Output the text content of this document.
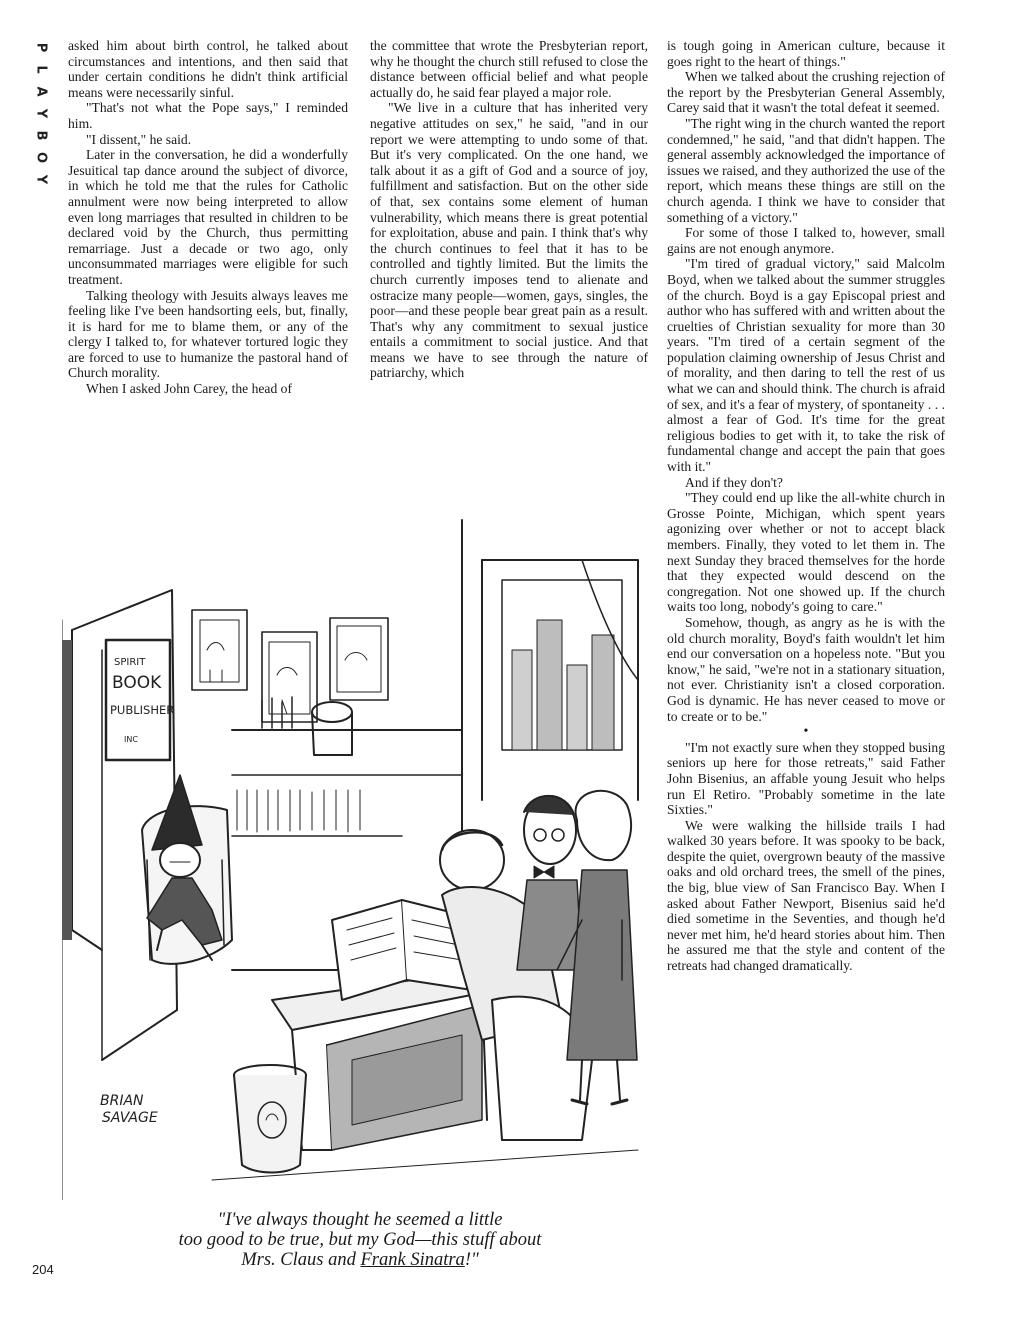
P
L
A
Y
B
O
Y

asked him about birth control, he talked about circumstances and intentions, and then said that under certain conditions he didn't think artificial means were necessarily sinful.

"That's not what the Pope says," I reminded him.

"I dissent," he said.

Later in the conversation, he did a wonderfully Jesuitical tap dance around the subject of divorce, in which he told me that the rules for Catholic annulment were now being interpreted to allow even long marriages that resulted in children to be declared void by the Church, thus permitting remarriage. Just a decade or two ago, only unconsummated marriages were eligible for such treatment.

Talking theology with Jesuits always leaves me feeling like I've been handsorting eels, but, finally, it is hard for me to blame them, or any of the clergy I talked to, for whatever tortured logic they are forced to use to humanize the pastoral hand of Church morality.

When I asked John Carey, the head of

the committee that wrote the Presbyterian report, why he thought the church still refused to close the distance between official belief and what people actually do, he said fear played a major role.

"We live in a culture that has inherited very negative attitudes on sex," he said, "and in our report we were attempting to undo some of that. But it's very complicated. On the one hand, we talk about it as a gift of God and a source of joy, fulfillment and satisfaction. But on the other side of that, sex contains some element of human vulnerability, which means there is great potential for exploitation, abuse and pain. I think that's why the church continues to feel that it has to be controlled and tightly limited. But the limits the church currently imposes tend to alienate and ostracize many people—women, gays, singles, the poor—and these people bear great pain as a result. That's why any commitment to sexual justice entails a commitment to social justice. And that means we have to see through the nature of patriarchy, which

is tough going in American culture, because it goes right to the heart of things."

When we talked about the crushing rejection of the report by the Presbyterian General Assembly, Carey said that it wasn't the total defeat it seemed.

"The right wing in the church wanted the report condemned," he said, "and that didn't happen. The general assembly acknowledged the importance of issues we raised, and they authorized the use of the report, which means these things are still on the church agenda. I think we have to consider that something of a victory."

For some of those I talked to, however, small gains are not enough anymore.

"I'm tired of gradual victory," said Malcolm Boyd, when we talked about the summer struggles of the church. Boyd is a gay Episcopal priest and author who has suffered with and written about the cruelties of Christian sexuality for more than 30 years. "I'm tired of a certain segment of the population claiming ownership of Jesus Christ and of morality, and then daring to tell the rest of us what we can and should think. The church is afraid of sex, and it's a fear of mystery, of spontaneity . . . almost a fear of God. It's time for the great religious bodies to get with it, to take the risk of fundamental change and accept the pain that goes with it."

And if they don't?

"They could end up like the all-white church in Grosse Pointe, Michigan, which spent years agonizing over whether or not to accept black members. Finally, they voted to let them in. The next Sunday they braced themselves for the horde that they expected would descend on the congregation. Not one showed up. If the church waits too long, nobody's going to care."

Somehow, though, as angry as he is with the old church morality, Boyd's faith wouldn't let him end our conversation on a hopeless note. "But you know," he said, "we're not in a stationary situation, not ever. Christianity isn't a closed corporation. God is dynamic. He has never ceased to move or to create or to be."

•

"I'm not exactly sure when they stopped busing seniors up here for those retreats," said Father John Bisenius, an affable young Jesuit who helps run El Retiro. "Probably sometime in the late Sixties."

We were walking the hillside trails I had walked 30 years before. It was spooky to be back, despite the quiet, overgrown beauty of the massive oaks and old orchard trees, the smell of the pines, the big, blue view of San Francisco Bay. When I asked about Father Newport, Bisenius said he'd died sometime in the Seventies, and though he'd never met him, he'd heard stories about him. Then he assured me that the style and content of the retreats had changed dramatically.

SPIRIT
BOOK
PUBLISHER
INC
BRIAN
SAVAGE
"I've always thought he seemed a little
too good to be true, but my God—this stuff about
Mrs. Claus and Frank Sinatra!"
204
